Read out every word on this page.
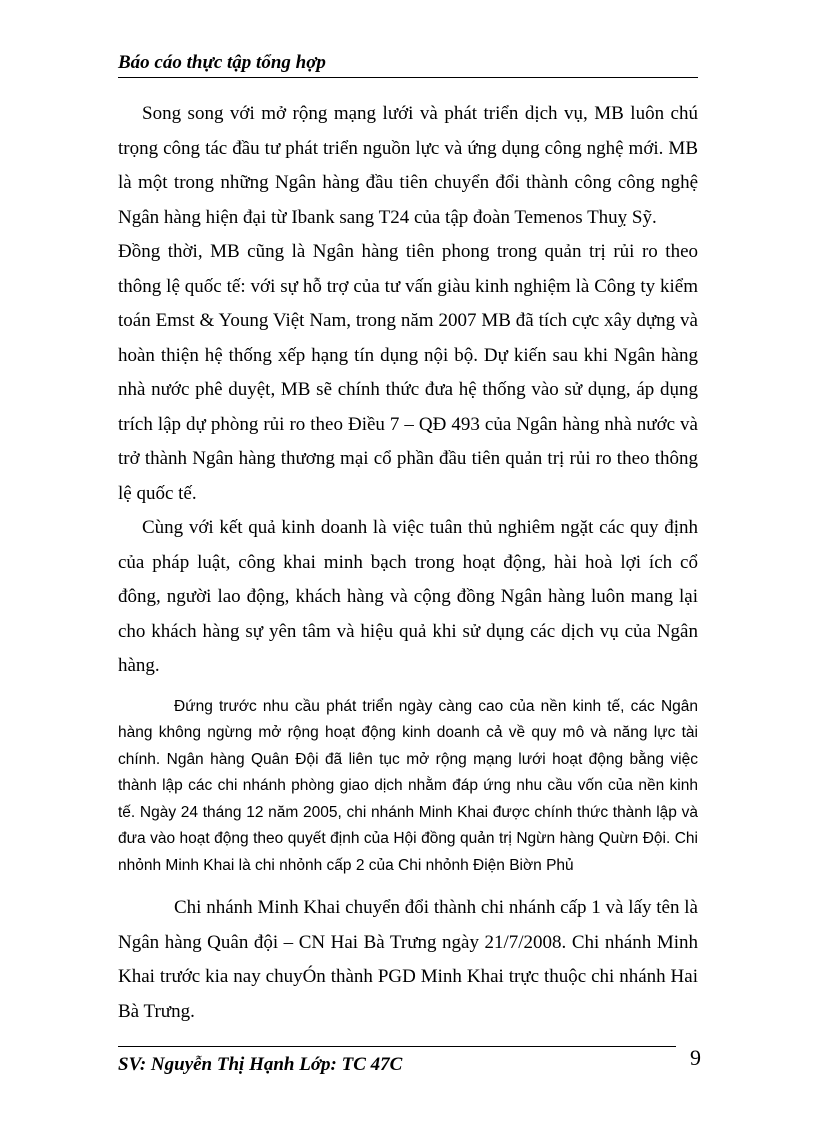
Báo cáo thực tập tổng hợp

Song song với mở rộng mạng lưới và phát triển dịch vụ, MB luôn chú trọng công tác đầu tư phát triển nguồn lực và ứng dụng công nghệ mới. MB là một trong những Ngân hàng đầu tiên chuyển đổi thành công công nghệ Ngân hàng hiện đại từ Ibank sang T24 của tập đoàn Temenos Thuỵ Sỹ.

Đồng thời, MB cũng là Ngân hàng tiên phong trong quản trị rủi ro theo thông lệ quốc tế: với sự hỗ trợ của tư vấn giàu kinh nghiệm là Công ty kiểm toán Emst & Young Việt Nam, trong năm 2007 MB đã tích cực xây dựng và hoàn thiện hệ thống xếp hạng tín dụng nội bộ. Dự kiến sau khi Ngân hàng nhà nước phê duyệt, MB sẽ chính thức đưa hệ thống vào sử dụng, áp dụng trích lập dự phòng rủi ro theo Điều 7 – QĐ 493 của Ngân hàng nhà nước và trở thành Ngân hàng thương mại cổ phần đầu tiên quản trị rủi ro theo thông lệ quốc tế.

Cùng với kết quả kinh doanh là việc tuân thủ nghiêm ngặt các quy định của pháp luật, công khai minh bạch trong hoạt động, hài hoà lợi ích cổ đông, người lao động, khách hàng và cộng đồng Ngân hàng luôn mang lại cho khách hàng sự yên tâm và hiệu quả khi sử dụng các dịch vụ của Ngân hàng.

Đứng trước nhu cầu phát triển ngày càng cao của nền kinh tế, các Ngân hàng không ngừng mở rộng hoạt động kinh doanh cả về quy mô và năng lực tài chính. Ngân hàng Quân Đội đã liên tục mở rộng mạng lưới hoạt động bằng việc thành lập các chi nhánh phòng giao dịch nhằm đáp ứng nhu cầu vốn của nền kinh tế. Ngày 24 tháng 12 năm 2005, chi nhánh Minh Khai được chính thức thành lập và đưa vào hoạt động theo quyết định của Hội đồng quản trị Ngừn hàng Quừn Đội. Chi nhỏnh Minh Khai là chi nhỏnh cấp 2 của Chi nhỏnh Điện Biờn Phủ

Chi nhánh Minh Khai chuyển đổi thành chi nhánh cấp 1 và lấy tên là Ngân hàng Quân đội – CN Hai Bà Trưng ngày 21/7/2008. Chi nhánh Minh Khai trước kia nay chuyÓn thành PGD Minh Khai trực thuộc chi nhánh Hai Bà Trưng.

SV: Nguyễn Thị Hạnh Lớp: TC 47C	9
